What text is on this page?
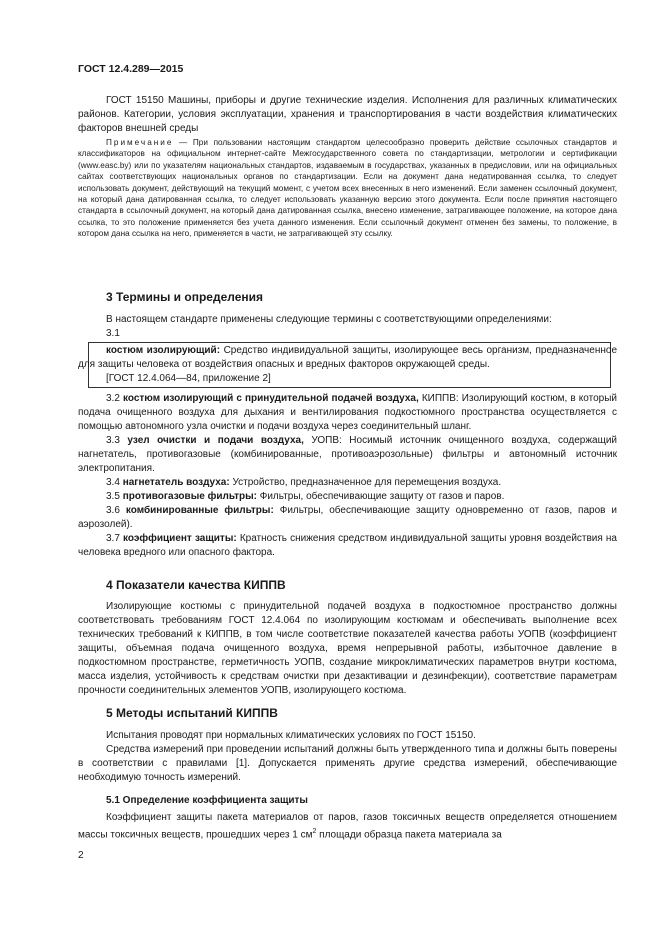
ГОСТ 12.4.289—2015

ГОСТ 15150 Машины, приборы и другие технические изделия. Исполнения для различных климатических районов. Категории, условия эксплуатации, хранения и транспортирования в части воздействия климатических факторов внешней среды

Примечание — При пользовании настоящим стандартом целесообразно проверить действие ссылочных стандартов и классификаторов на официальном интернет-сайте Межгосударственного совета по стандартизации, метрологии и сертификации (www.easc.by) или по указателям национальных стандартов, издаваемым в государствах, указанных в предисловии, или на официальных сайтах соответствующих национальных органов по стандартизации. Если на документ дана недатированная ссылка, то следует использовать документ, действующий на текущий момент, с учетом всех внесенных в него изменений. Если заменен ссылочный документ, на который дана датированная ссылка, то следует использовать указанную версию этого документа. Если после принятия настоящего стандарта в ссылочный документ, на который дана датированная ссылка, внесено изменение, затрагивающее положение, на которое дана ссылка, то это положение применяется без учета данного изменения. Если ссылочный документ отменен без замены, то положение, в котором дана ссылка на него, применяется в части, не затрагивающей эту ссылку.

3 Термины и определения

В настоящем стандарте применены следующие термины с соответствующими определениями:

3.1

костюм изолирующий: Средство индивидуальной защиты, изолирующее весь организм, предназначенное для защиты человека от воздействия опасных и вредных факторов окружающей среды.

[ГОСТ 12.4.064—84, приложение 2]

3.2 костюм изолирующий с принудительной подачей воздуха, КИППВ: Изолирующий костюм, в который подача очищенного воздуха для дыхания и вентилирования подкостюмного пространства осуществляется с помощью автономного узла очистки и подачи воздуха через соединительный шланг.

3.3 узел очистки и подачи воздуха, УОПВ: Носимый источник очищенного воздуха, содержащий нагнетатель, противогазовые (комбинированные, противоаэрозольные) фильтры и автономный источник электропитания.

3.4 нагнетатель воздуха: Устройство, предназначенное для перемещения воздуха.

3.5 противогазовые фильтры: Фильтры, обеспечивающие защиту от газов и паров.

3.6 комбинированные фильтры: Фильтры, обеспечивающие защиту одновременно от газов, паров и аэрозолей).

3.7 коэффициент защиты: Кратность снижения средством индивидуальной защиты уровня воздействия на человека вредного или опасного фактора.

4 Показатели качества КИППВ

Изолирующие костюмы с принудительной подачей воздуха в подкостюмное пространство должны соответствовать требованиям ГОСТ 12.4.064 по изолирующим костюмам и обеспечивать выполнение всех технических требований к КИППВ, в том числе соответствие показателей качества работы УОПВ (коэффициент защиты, объемная подача очищенного воздуха, время непрерывной работы, избыточное давление в подкостюмном пространстве, герметичность УОПВ, создание микроклиматических параметров внутри костюма, масса изделия, устойчивость к средствам очистки при дезактивации и дезинфекции), соответствие параметрам прочности соединительных элементов УОПВ, изолирующего костюма.

5 Методы испытаний КИППВ

Испытания проводят при нормальных климатических условиях по ГОСТ 15150.

Средства измерений при проведении испытаний должны быть утвержденного типа и должны быть поверены в соответствии с правилами [1]. Допускается применять другие средства измерений, обеспечивающие необходимую точность измерений.

5.1 Определение коэффициента защиты

Коэффициент защиты пакета материалов от паров, газов токсичных веществ определяется отношением массы токсичных веществ, прошедших через 1 $см^2$ площади образца пакета материала за

2
